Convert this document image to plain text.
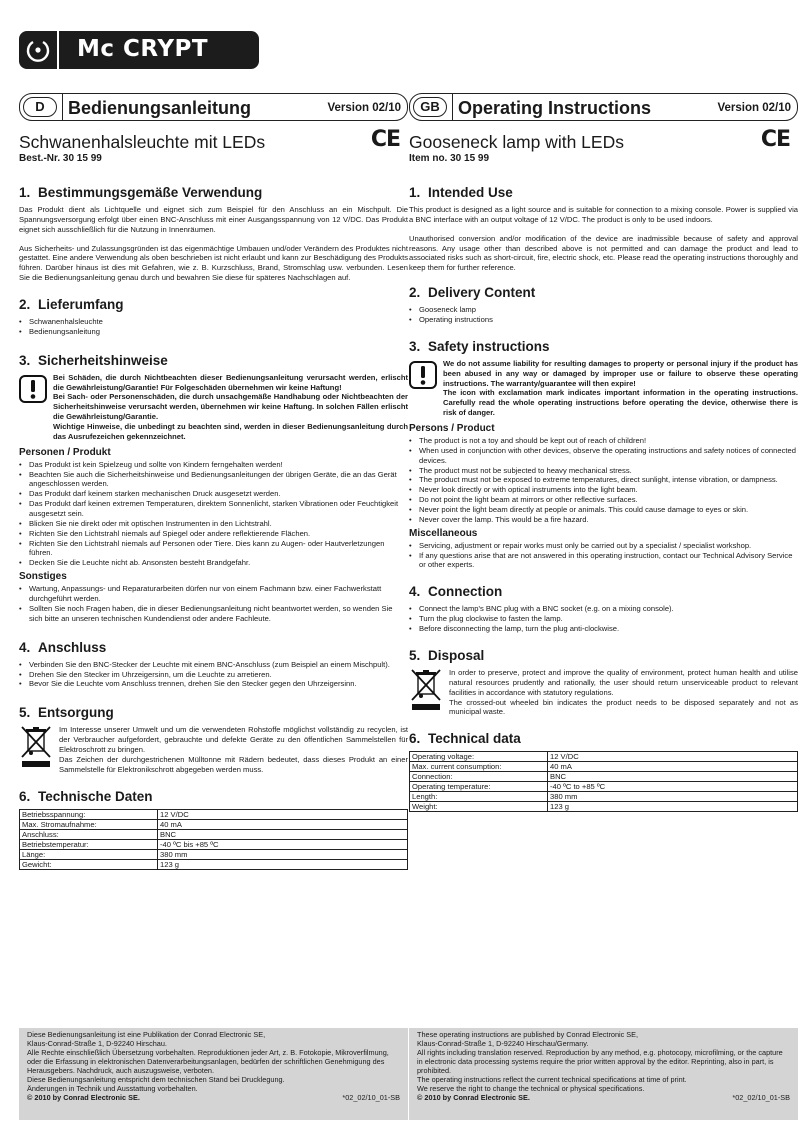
Mc CRYPT
D	Bedienungsanleitung	Version 02/10
Schwanenhalsleuchte mit LEDs	CE
Best.-Nr. 30 15 99
1. Bestimmungsgemäße Verwendung

Das Produkt dient als Lichtquelle und eignet sich zum Beispiel für den Anschluss an ein Mischpult. Die Spannungsversorgung erfolgt über einen BNC-Anschluss mit einer Ausgangsspannung von 12 V/DC. Das Produkt eignet sich ausschließlich für die Nutzung in Innenräumen.

Aus Sicherheits- und Zulassungsgründen ist das eigenmächtige Umbauen und/oder Verändern des Produktes nicht gestattet. Eine andere Verwendung als oben beschrieben ist nicht erlaubt und kann zur Beschädigung des Produkts führen. Darüber hinaus ist dies mit Gefahren, wie z. B. Kurzschluss, Brand, Stromschlag usw. verbunden. Lesen Sie die Bedienungsanleitung genau durch und bewahren Sie diese für späteres Nachschlagen auf.

2. Lieferumfang
• Schwanenhalsleuchte
• Bedienungsanleitung
3. Sicherheitshinweise
Bei Schäden, die durch Nichtbeachten dieser Bedienungsanleitung verursacht werden, erlischt die Gewährleistung/Garantie! Für Folgeschäden übernehmen wir keine Haftung!
Bei Sach- oder Personenschäden, die durch unsachgemäße Handhabung oder Nichtbeachten der Sicherheitshinweise verursacht werden, übernehmen wir keine Haftung. In solchen Fällen erlischt die Gewährleistung/Garantie.
Wichtige Hinweise, die unbedingt zu beachten sind, werden in dieser Bedienungsanleitung durch das Ausrufezeichen gekennzeichnet.
Personen / Produkt
• Das Produkt ist kein Spielzeug und sollte von Kindern ferngehalten werden!
• Beachten Sie auch die Sicherheitshinweise und Bedienungsanleitungen der übrigen Geräte, die an das Gerät angeschlossen werden.
• Das Produkt darf keinem starken mechanischen Druck ausgesetzt werden.
• Das Produkt darf keinen extremen Temperaturen, direktem Sonnenlicht, starken Vibrationen oder Feuchtigkeit ausgesetzt sein.
• Blicken Sie nie direkt oder mit optischen Instrumenten in den Lichtstrahl.
• Richten Sie den Lichtstrahl niemals auf Spiegel oder andere reflektierende Flächen.
• Richten Sie den Lichtstrahl niemals auf Personen oder Tiere. Dies kann zu Augen- oder Hautverletzungen führen.
• Decken Sie die Leuchte nicht ab. Ansonsten besteht Brandgefahr.
Sonstiges
• Wartung, Anpassungs- und Reparaturarbeiten dürfen nur von einem Fachmann bzw. einer Fachwerkstatt durchgeführt werden.
• Sollten Sie noch Fragen haben, die in dieser Bedienungsanleitung nicht beantwortet werden, so wenden Sie sich bitte an unseren technischen Kundendienst oder andere Fachleute.
4. Anschluss
• Verbinden Sie den BNC-Stecker der Leuchte mit einem BNC-Anschluss (zum Beispiel an einem Mischpult).
• Drehen Sie den Stecker im Uhrzeigersinn, um die Leuchte zu arretieren.
• Bevor Sie die Leuchte vom Anschluss trennen, drehen Sie den Stecker gegen den Uhrzeigersinn.
5. Entsorgung
Im Interesse unserer Umwelt und um die verwendeten Rohstoffe möglichst vollständig zu recyclen, ist der Verbraucher aufgefordert, gebrauchte und defekte Geräte zu den öffentlichen Sammelstellen für Elektroschrott zu bringen.
Das Zeichen der durchgestrichenen Mülltonne mit Rädern bedeutet, dass dieses Produkt an einer Sammelstelle für Elektronikschrott abgegeben werden muss.
6. Technische Daten
Betriebsspannung:	12 V/DC
Max. Stromaufnahme:	40 mA
Anschluss:	BNC
Betriebstemperatur:	-40 ºC bis +85 ºC
Länge:	380 mm
Gewicht:	123 g
GB	Operating Instructions	Version 02/10
Gooseneck lamp with LEDs	CE
Item no. 30 15 99
1. Intended Use

This product is designed as a light source and is suitable for connection to a mixing console. Power is supplied via a BNC interface with an output voltage of 12 V/DC. The product is only to be used indoors.

Unauthorised conversion and/or modification of the device are inadmissible because of safety and approval reasons. Any usage other than described above is not permitted and can damage the product and lead to associated risks such as short-circuit, fire, electric shock, etc. Please read the operating instructions thoroughly and keep them for further reference.

2. Delivery Content
• Gooseneck lamp
• Operating instructions
3. Safety instructions
We do not assume liability for resulting damages to property or personal injury if the product has been abused in any way or damaged by improper use or failure to observe these operating instructions. The warranty/guarantee will then expire!
The icon with exclamation mark indicates important information in the operating instructions. Carefully read the whole operating instructions before operating the device, otherwise there is risk of danger.
Persons / Product
• The product is not a toy and should be kept out of reach of children!
• When used in conjunction with other devices, observe the operating instructions and safety notices of connected devices.
• The product must not be subjected to heavy mechanical stress.
• The product must not be exposed to extreme temperatures, direct sunlight, intense vibration, or dampness.
• Never look directly or with optical instruments into the light beam.
• Do not point the light beam at mirrors or other reflective surfaces.
• Never point the light beam directly at people or animals. This could cause damage to eyes or skin.
• Never cover the lamp. This would be a fire hazard.
Miscellaneous
• Servicing, adjustment or repair works must only be carried out by a specialist / specialist workshop.
• If any questions arise that are not answered in this operating instruction, contact our Technical Advisory Service or other experts.
4. Connection
• Connect the lamp's BNC plug with a BNC socket (e.g. on a mixing console).
• Turn the plug clockwise to fasten the lamp.
• Before disconnecting the lamp, turn the plug anti-clockwise.
5. Disposal
In order to preserve, protect and improve the quality of environment, protect human health and utilise natural resources prudently and rationally, the user should return unserviceable product to relevant facilities in accordance with statutory regulations.
The crossed-out wheeled bin indicates the product needs to be disposed separately and not as municipal waste.
6. Technical data
Operating voltage:	12 V/DC
Max. current consumption:	40 mA
Connection:	BNC
Operating temperature:	-40 ºC to +85 ºC
Length:	380 mm
Weight:	123 g
Diese Bedienungsanleitung ist eine Publikation der Conrad Electronic SE,
Klaus-Conrad-Straße 1, D-92240 Hirschau.
Alle Rechte einschließlich Übersetzung vorbehalten. Reproduktionen jeder Art, z. B. Fotokopie, Mikroverfilmung, oder die Erfassung in elektronischen Datenverarbeitungsanlagen, bedürfen der schriftlichen Genehmigung des Herausgebers. Nachdruck, auch auszugsweise, verboten.
Diese Bedienungsanleitung entspricht dem technischen Stand bei Drucklegung.
Änderungen in Technik und Ausstattung vorbehalten.
© 2010 by Conrad Electronic SE.	*02_02/10_01-SB
These operating instructions are published by Conrad Electronic SE,
Klaus-Conrad-Straße 1, D-92240 Hirschau/Germany.
All rights including translation reserved. Reproduction by any method, e.g. photocopy, microfilming, or the capture in electronic data processing systems require the prior written approval by the editor. Reprinting, also in part, is prohibited.
The operating instructions reflect the current technical specifications at time of print.
We reserve the right to change the technical or physical specifications.
© 2010 by Conrad Electronic SE.	*02_02/10_01-SB
